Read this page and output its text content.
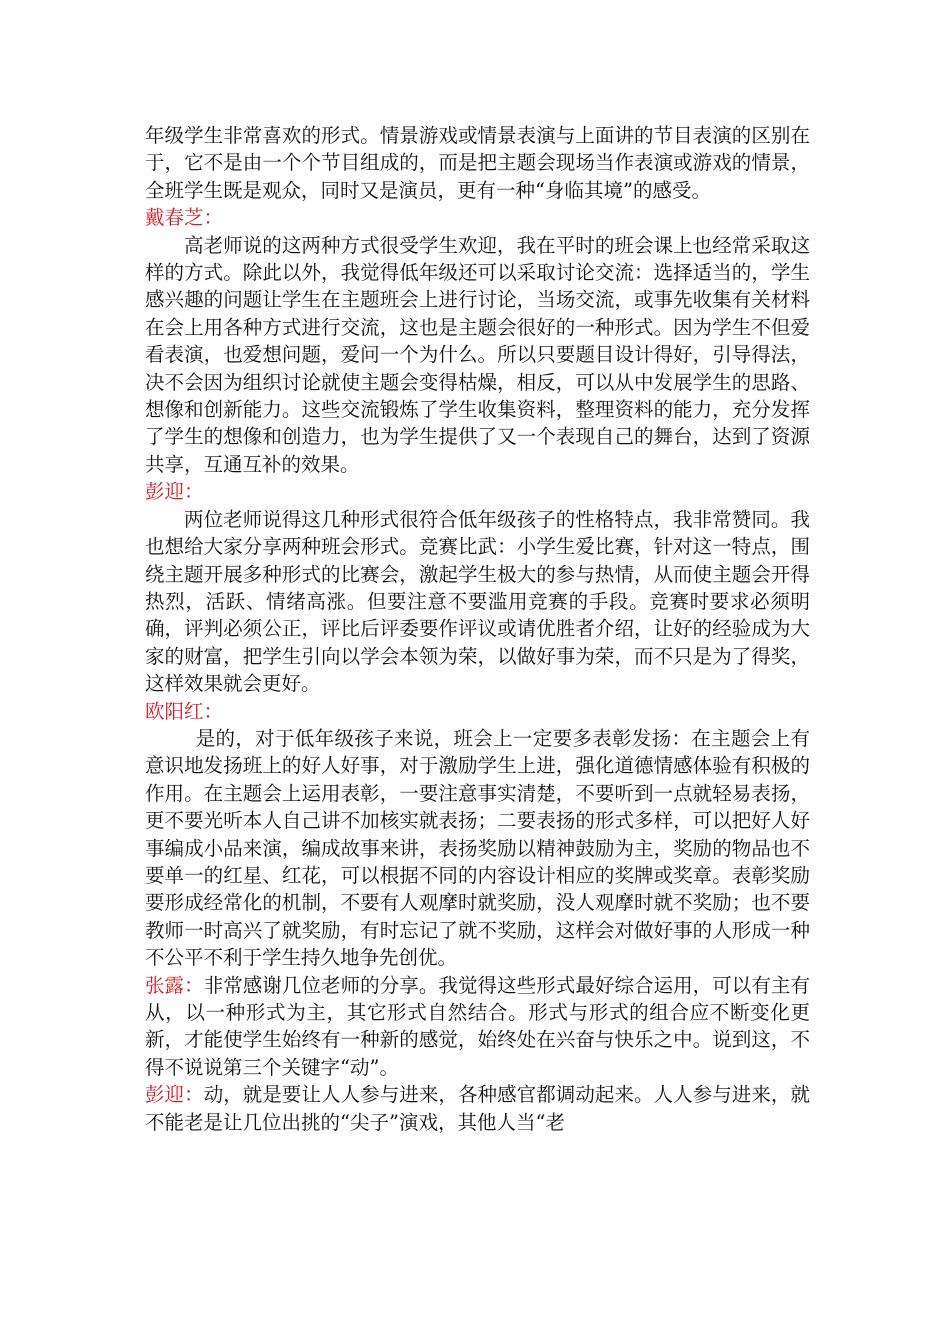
年级学生非常喜欢的形式。情景游戏或情景表演与上面讲的节目表演的区别在于，它不是由一个个节目组成的，而是把主题会现场当作表演或游戏的情景，全班学生既是观众，同时又是演员，更有一种“身临其境”的感受。

戴春芝：

高老师说的这两种方式很受学生欢迎，我在平时的班会课上也经常采取这样的方式。除此以外，我觉得低年级还可以采取讨论交流：选择适当的，学生感兴趣的问题让学生在主题班会上进行讨论，当场交流，或事先收集有关材料在会上用各种方式进行交流，这也是主题会很好的一种形式。因为学生不但爱看表演，也爱想问题，爱问一个为什么。所以只要题目设计得好，引导得法，决不会因为组织讨论就使主题会变得枯燥，相反，可以从中发展学生的思路、想像和创新能力。这些交流锻炼了学生收集资料，整理资料的能力，充分发挥了学生的想像和创造力，也为学生提供了又一个表现自己的舞台，达到了资源共享，互通互补的效果。

彭迎：

两位老师说得这几种形式很符合低年级孩子的性格特点，我非常赞同。我也想给大家分享两种班会形式。竞赛比武：小学生爱比赛，针对这一特点，围绕主题开展多种形式的比赛会，激起学生极大的参与热情，从而使主题会开得热烈，活跃、情绪高涨。但要注意不要滥用竞赛的手段。竞赛时要求必须明确，评判必须公正，评比后评委要作评议或请优胜者介绍，让好的经验成为大家的财富，把学生引向以学会本领为荣，以做好事为荣，而不只是为了得奖，这样效果就会更好。

欧阳红：

是的，对于低年级孩子来说，班会上一定要多表彰发扬：在主题会上有意识地发扬班上的好人好事，对于激励学生上进，强化道德情感体验有积极的作用。在主题会上运用表彰，一要注意事实清楚，不要听到一点就轻易表扬，更不要光听本人自己讲不加核实就表扬；二要表扬的形式多样，可以把好人好事编成小品来演，编成故事来讲，表扬奖励以精神鼓励为主，奖励的物品也不要单一的红星、红花，可以根据不同的内容设计相应的奖牌或奖章。表彰奖励要形成经常化的机制，不要有人观摩时就奖励，没人观摩时就不奖励；也不要教师一时高兴了就奖励，有时忘记了就不奖励，这样会对做好事的人形成一种不公平不利于学生持久地争先创优。

张露：非常感谢几位老师的分享。我觉得这些形式最好综合运用，可以有主有从，以一种形式为主，其它形式自然结合。形式与形式的组合应不断变化更新，才能使学生始终有一种新的感觉，始终处在兴奋与快乐之中。说到这，不得不说说第三个关键字“动”。

彭迎：动，就是要让人人参与进来，各种感官都调动起来。人人参与进来，就不能老是让几位出挑的“尖子”演戏，其他人当“老
